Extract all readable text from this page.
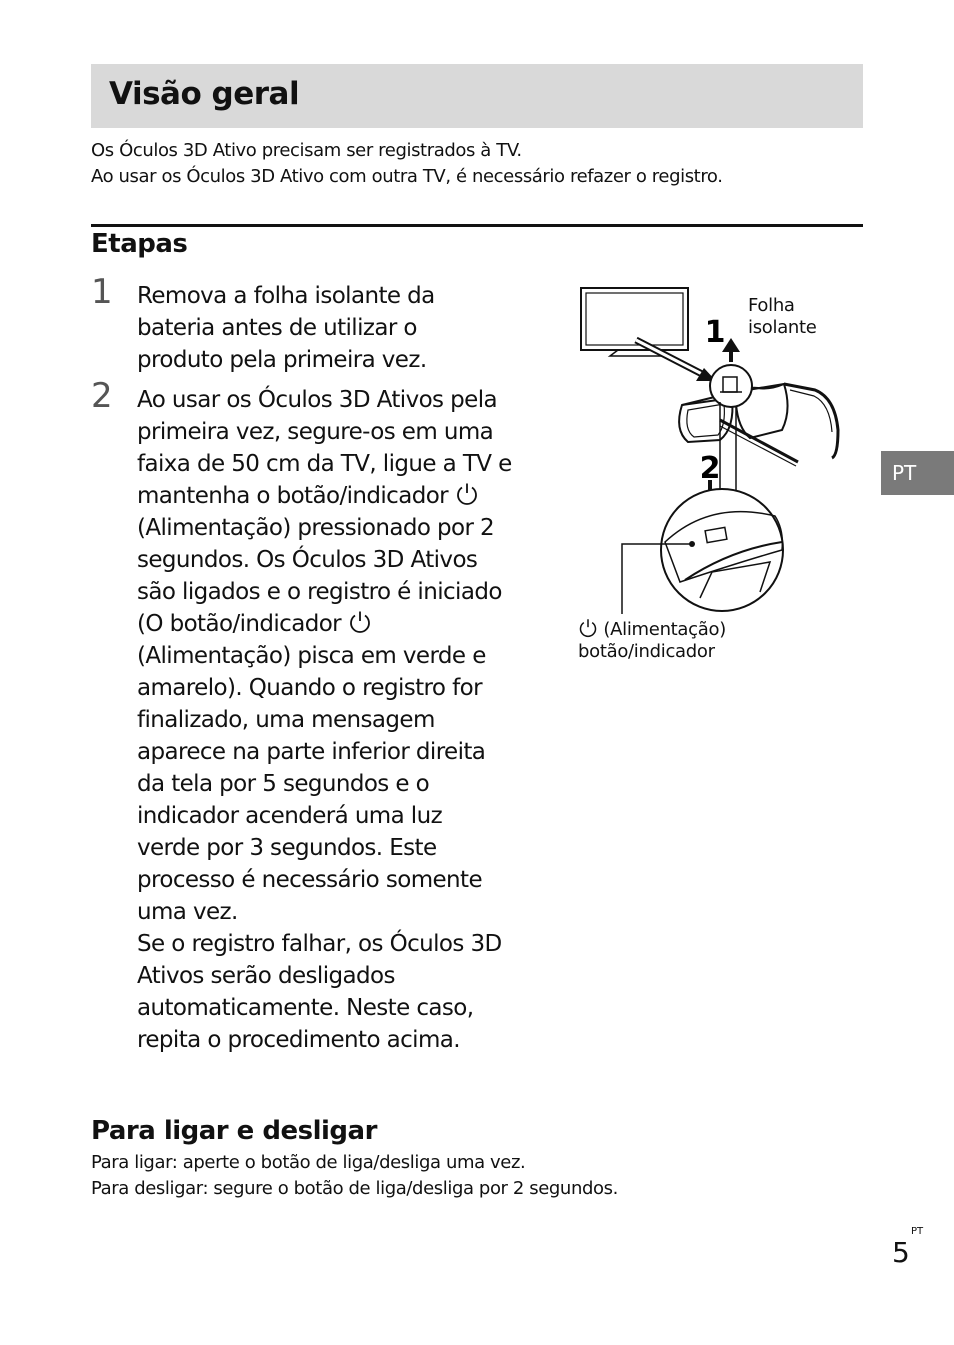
Visão geral

Os Óculos 3D Ativo precisam ser registrados à TV.

Ao usar os Óculos 3D Ativo com outra TV, é necessário refazer o registro.

Etapas
1 Remova a folha isolante da
bateria antes de utilizar o
produto pela primeira vez.
2 Ao usar os Óculos 3D Ativos pela
primeira vez, segure-os em uma
faixa de 50 cm da TV, ligue a TV e
mantenha o botão/indicador
(Alimentação) pressionado por 2
segundos. Os Óculos 3D Ativos
são ligados e o registro é iniciado
(O botão/indicador
(Alimentação) pisca em verde e
amarelo). Quando o registro for
finalizado, uma mensagem
aparece na parte inferior direita
da tela por 5 segundos e o
indicador acenderá uma luz
verde por 3 segundos. Este
processo é necessário somente
uma vez.
Se o registro falhar, os Óculos 3D
Ativos serão desligados
automaticamente. Neste caso,
repita o procedimento acima.
1
2
Folha
isolante
(Alimentação)
botão/indicador
Para ligar e desligar

Para ligar: aperte o botão de liga/desliga uma vez.

Para desligar: segure o botão de liga/desliga por 2 segundos.

PT
5
PT
